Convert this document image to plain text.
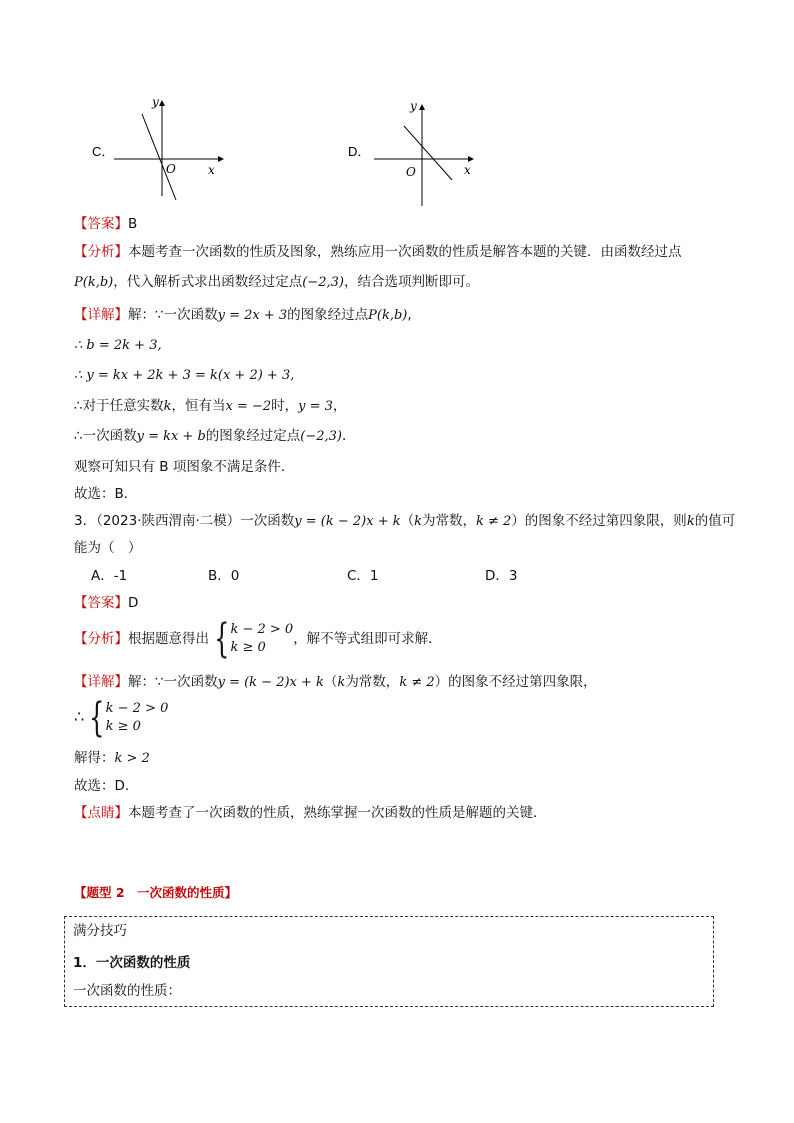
C．
y
x
O
D．
y
x
O
【答案】B
【分析】本题考查一次函数的性质及图象，熟练应用一次函数的性质是解答本题的关键．由函数经过点
P(k,b)，代入解析式求出函数经过定点(−2,3)，结合选项判断即可。
【详解】解：∵一次函数y = 2x + 3的图象经过点P(k,b),
∴ b = 2k + 3,
∴ y = kx + 2k + 3 = k(x + 2) + 3,
∴对于任意实数k，恒有当x = −2时，y = 3，
∴一次函数y = kx + b的图象经过定点(−2,3)．
观察可知只有 B 项图象不满足条件．
故选：B．
3．（2023·陕西渭南·二模）一次函数y = (k − 2)x + k（k为常数，k ≠ 2）的图象不经过第四象限，则k的值可
能为（　）
A．-1	B．0	C．1	D．3
【答案】D
【分析】根据题意得出 { k − 2 > 0
k ≥ 0
，解不等式组即可求解．
【详解】解：∵一次函数y = (k − 2)x + k（k为常数，k ≠ 2）的图象不经过第四象限，
∴ { k − 2 > 0
k ≥ 0
解得：k > 2
故选：D．
【点睛】本题考查了一次函数的性质，熟练掌握一次函数的性质是解题的关键．
【题型 2　一次函数的性质】
满分技巧
1．一次函数的性质
一次函数的性质：
